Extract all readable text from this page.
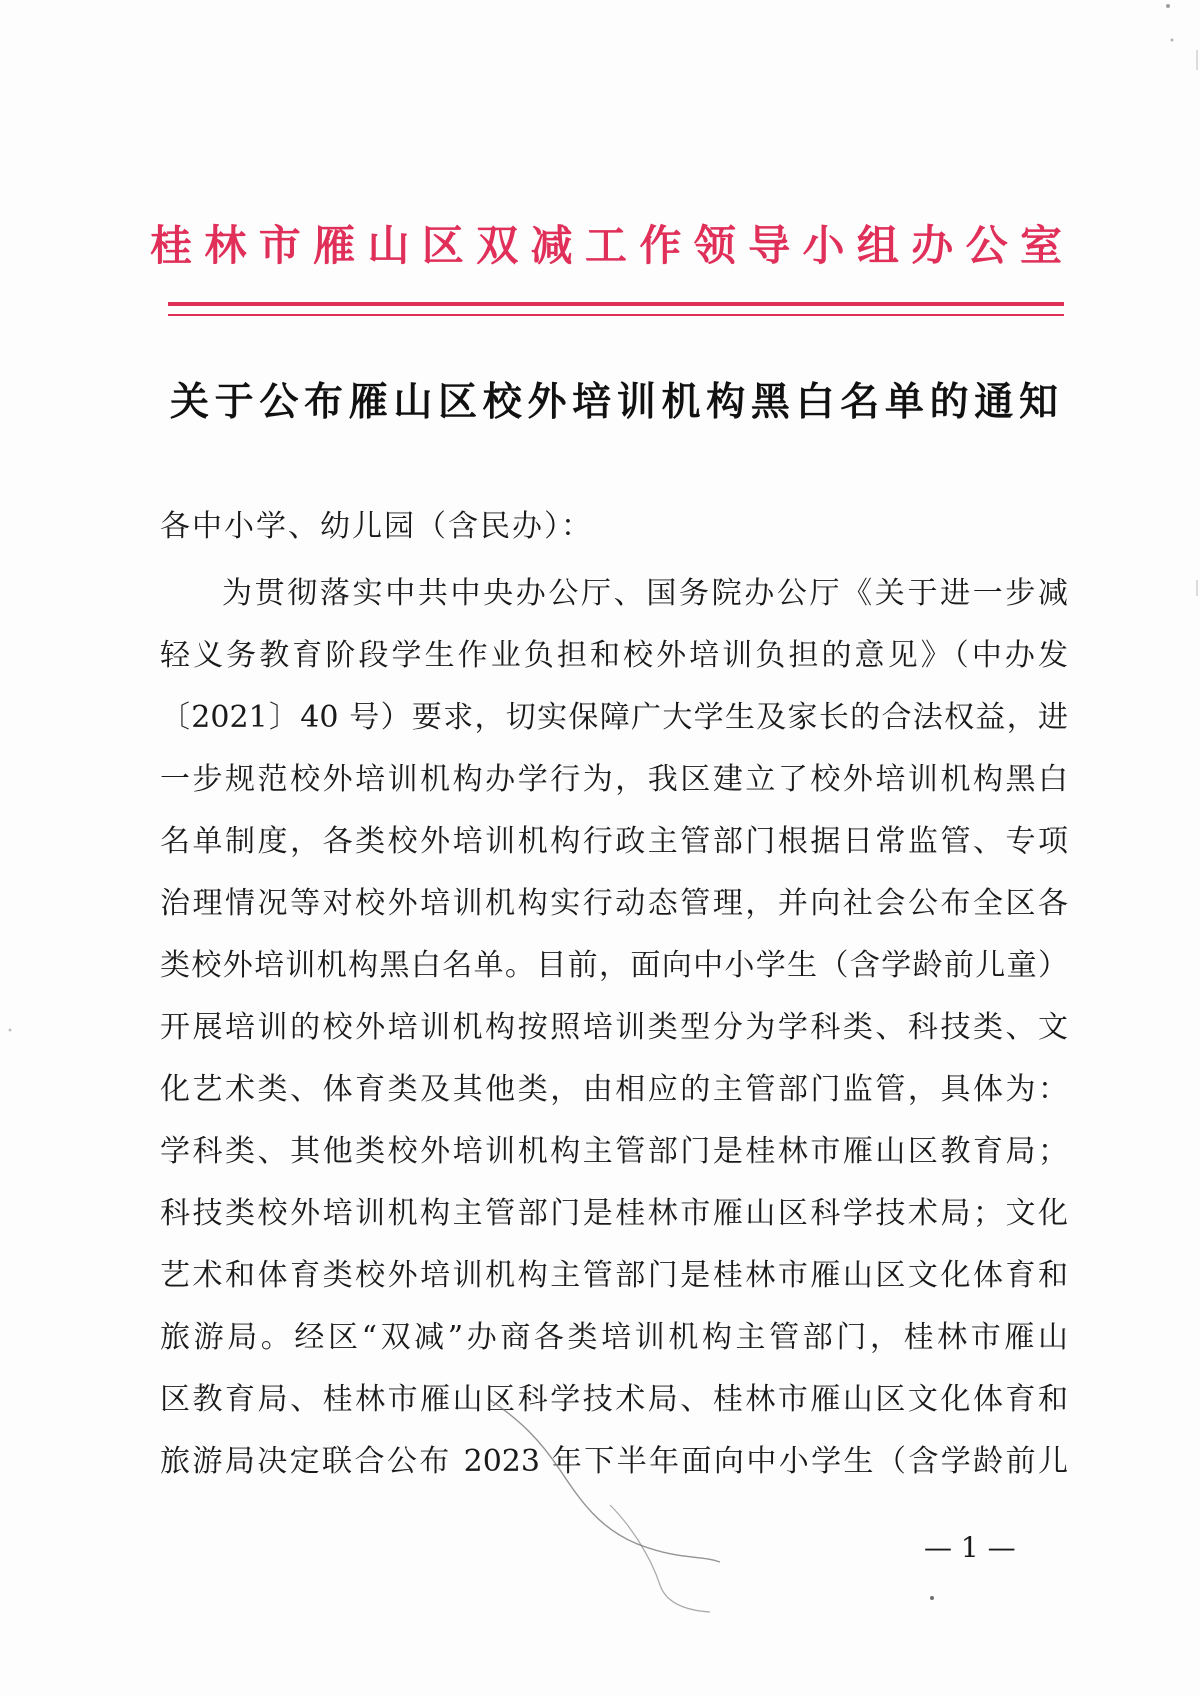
桂林市雁山区双减工作领导小组办公室
关于公布雁山区校外培训机构黑白名单的通知
各中小学、幼儿园（含民办）：
为贯彻落实中共中央办公厅、国务院办公厅《关于进一步减
轻义务教育阶段学生作业负担和校外培训负担的意见》（中办发
〔2021〕40 号）要求，切实保障广大学生及家长的合法权益，进
一步规范校外培训机构办学行为，我区建立了校外培训机构黑白
名单制度，各类校外培训机构行政主管部门根据日常监管、专项
治理情况等对校外培训机构实行动态管理，并向社会公布全区各
类校外培训机构黑白名单。目前，面向中小学生（含学龄前儿童）
开展培训的校外培训机构按照培训类型分为学科类、科技类、文
化艺术类、体育类及其他类，由相应的主管部门监管，具体为：
学科类、其他类校外培训机构主管部门是桂林市雁山区教育局；
科技类校外培训机构主管部门是桂林市雁山区科学技术局；文化
艺术和体育类校外培训机构主管部门是桂林市雁山区文化体育和
旅游局。经区“双减”办商各类培训机构主管部门，桂林市雁山
区教育局、桂林市雁山区科学技术局、桂林市雁山区文化体育和
旅游局决定联合公布 2023 年下半年面向中小学生（含学龄前儿
— 1 —
